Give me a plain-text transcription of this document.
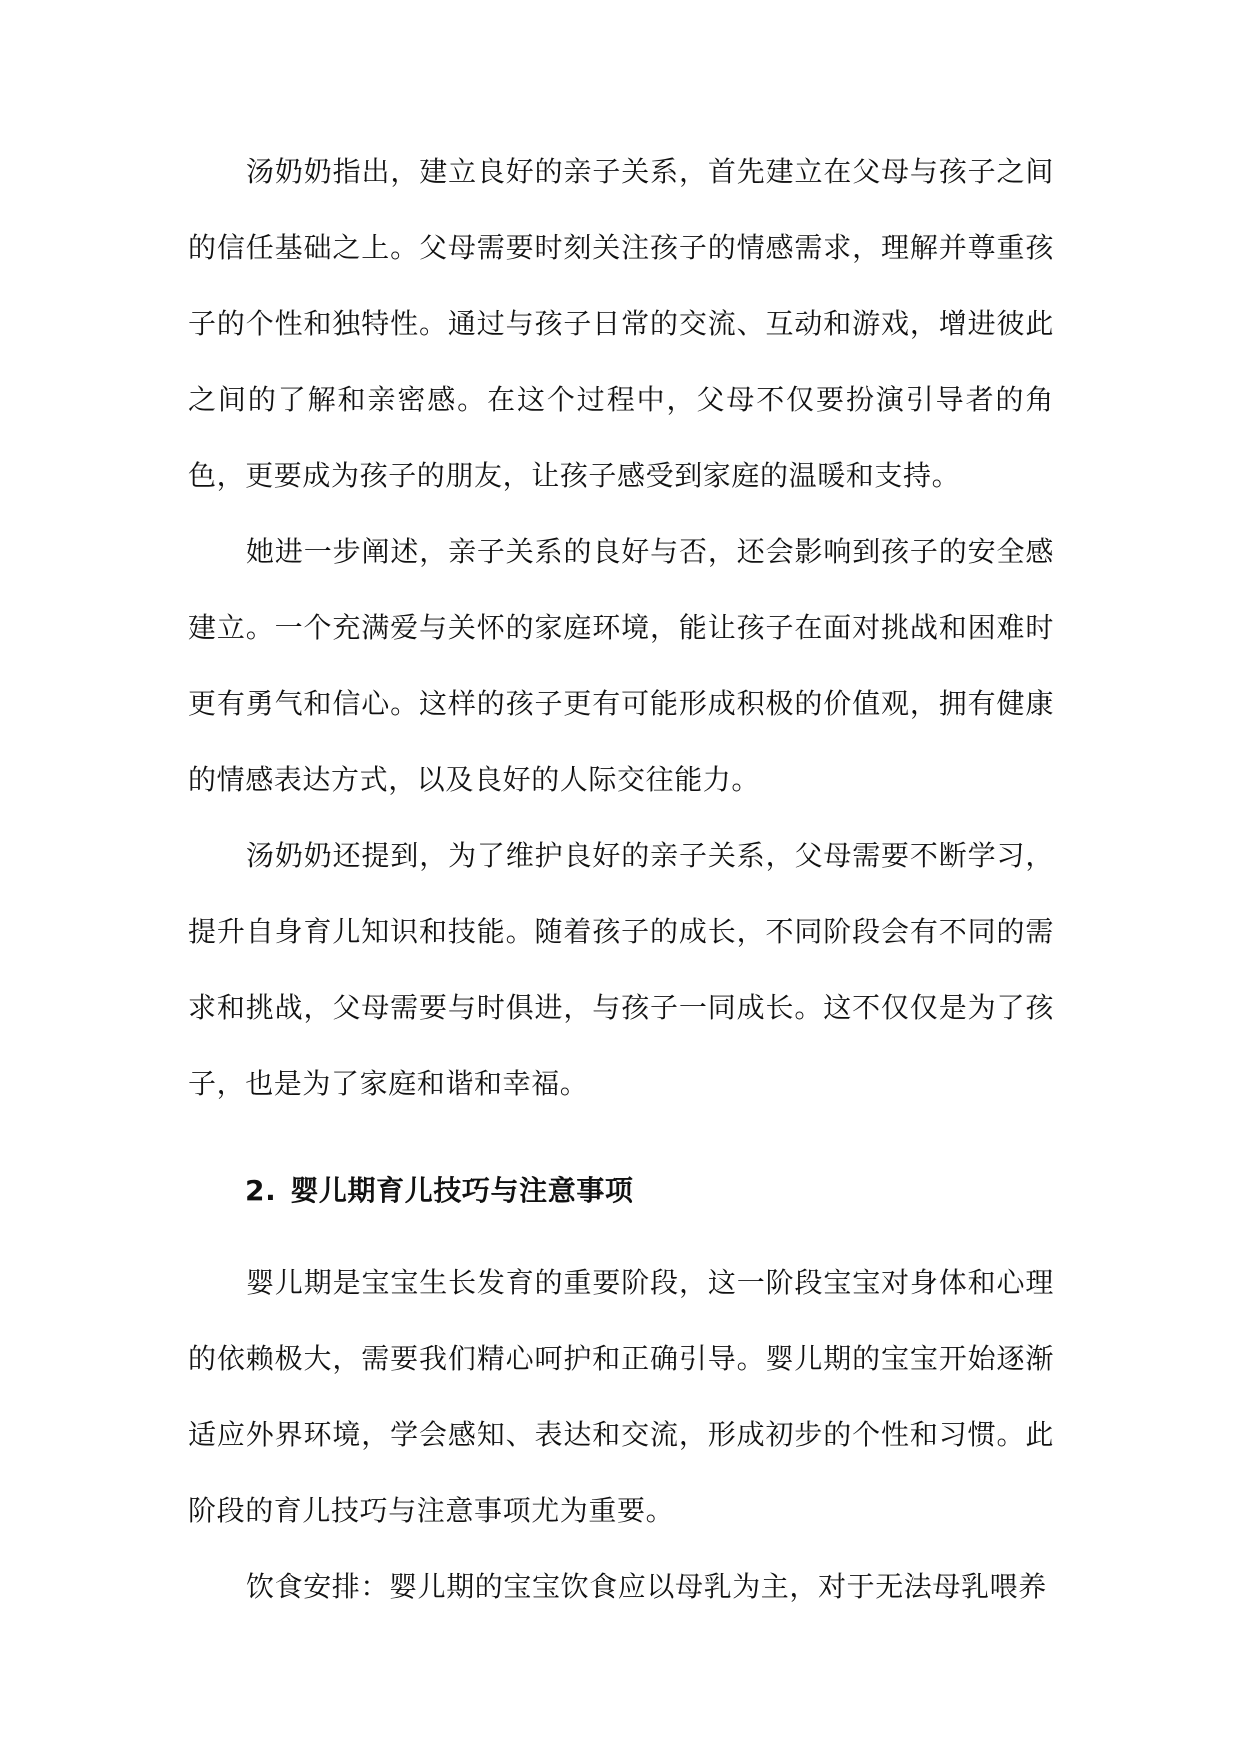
汤奶奶指出，建立良好的亲子关系，首先建立在父母与孩子之间的信任基础之上。父母需要时刻关注孩子的情感需求，理解并尊重孩子的个性和独特性。通过与孩子日常的交流、互动和游戏，增进彼此之间的了解和亲密感。在这个过程中，父母不仅要扮演引导者的角色，更要成为孩子的朋友，让孩子感受到家庭的温暖和支持。

她进一步阐述，亲子关系的良好与否，还会影响到孩子的安全感建立。一个充满爱与关怀的家庭环境，能让孩子在面对挑战和困难时更有勇气和信心。这样的孩子更有可能形成积极的价值观，拥有健康的情感表达方式，以及良好的人际交往能力。

汤奶奶还提到，为了维护良好的亲子关系，父母需要不断学习，提升自身育儿知识和技能。随着孩子的成长，不同阶段会有不同的需求和挑战，父母需要与时俱进，与孩子一同成长。这不仅仅是为了孩子，也是为了家庭和谐和幸福。

2. 婴儿期育儿技巧与注意事项

婴儿期是宝宝生长发育的重要阶段，这一阶段宝宝对身体和心理的依赖极大，需要我们精心呵护和正确引导。婴儿期的宝宝开始逐渐适应外界环境，学会感知、表达和交流，形成初步的个性和习惯。此阶段的育儿技巧与注意事项尤为重要。

饮食安排：婴儿期的宝宝饮食应以母乳为主，对于无法母乳喂养
